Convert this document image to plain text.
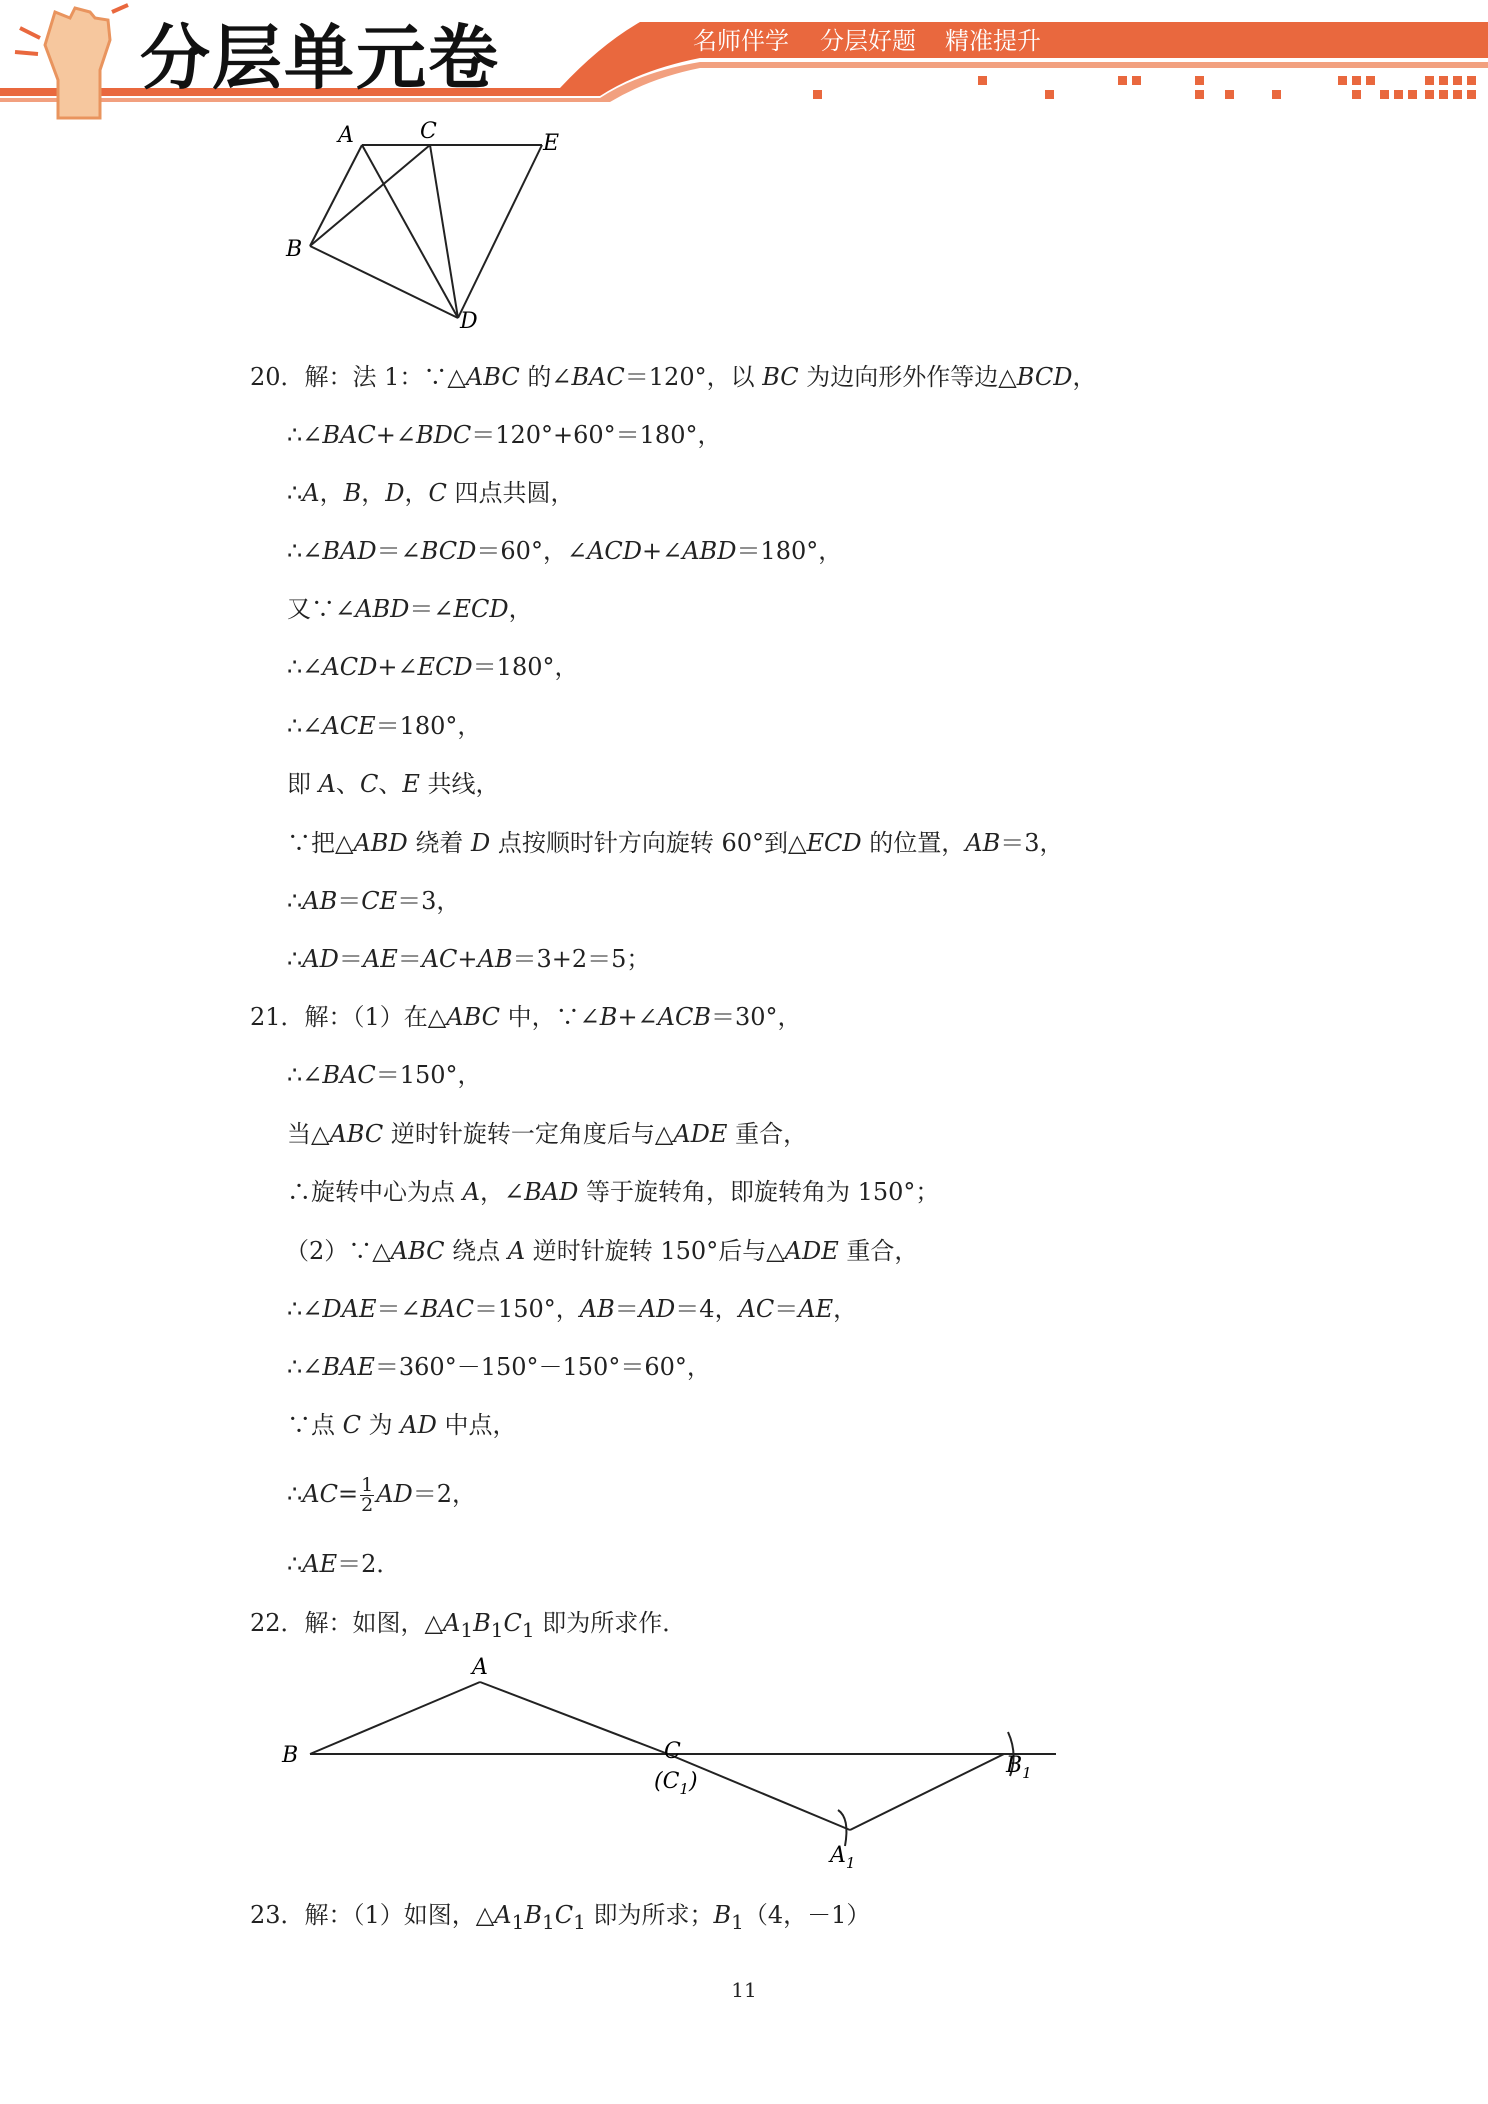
分层单元卷	名师伴学 分层好题 精准提升
A	C	E
B
D
20．解：法 1：∵△ABC 的∠BAC＝120°，以 BC 为边向形外作等边△BCD，
∴∠BAC+∠BDC＝120°+60°＝180°，
∴A，B，D，C 四点共圆，
∴∠BAD＝∠BCD＝60°，∠ACD+∠ABD＝180°，
又∵∠ABD＝∠ECD，
∴∠ACD+∠ECD＝180°，
∴∠ACE＝180°，
即 A、C、E 共线，
∵把△ABD 绕着 D 点按顺时针方向旋转 60°到△ECD 的位置，AB＝3，
∴AB＝CE＝3，
∴AD＝AE＝AC+AB＝3+2＝5；
21．解：（1）在△ABC 中，∵∠B+∠ACB＝30°，
∴∠BAC＝150°，
当△ABC 逆时针旋转一定角度后与△ADE 重合，
∴旋转中心为点 A，∠BAD 等于旋转角，即旋转角为 150°；
（2）∵△ABC 绕点 A 逆时针旋转 150°后与△ADE 重合，
∴∠DAE＝∠BAC＝150°，AB＝AD＝4，AC＝AE，
∴∠BAE＝360°－150°－150°＝60°，
∵点 C 为 AD 中点，
∴AC= $\frac{1}{2} AD=2$，
∴AE＝2．
22．解：如图，$\triangle A_1B_1C_1$ 即为所求作．
A
B	C
$(C_1)$
$B_1$
$A_1$
23．解：（1）如图，$\triangle A_1B_1C_1$ 即为所求；$B_1(4$，－1）
11
